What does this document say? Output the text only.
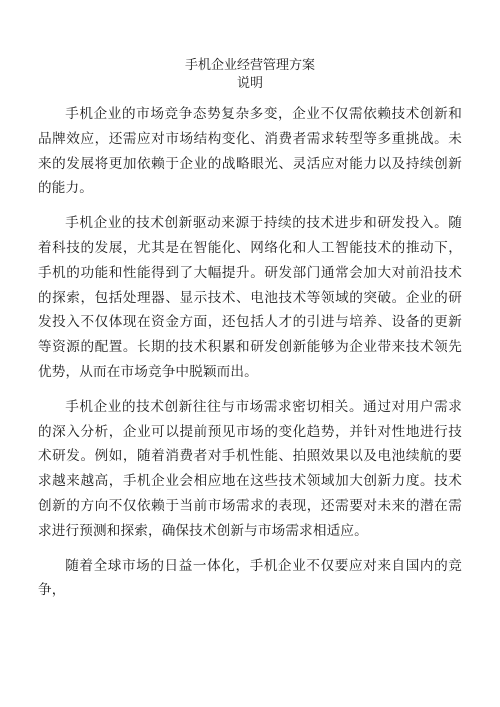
手机企业经营管理方案
说明

手机企业的市场竞争态势复杂多变，企业不仅需依赖技术创新和品牌效应，还需应对市场结构变化、消费者需求转型等多重挑战。未来的发展将更加依赖于企业的战略眼光、灵活应对能力以及持续创新的能力。

手机企业的技术创新驱动来源于持续的技术进步和研发投入。随着科技的发展，尤其是在智能化、网络化和人工智能技术的推动下，手机的功能和性能得到了大幅提升。研发部门通常会加大对前沿技术的探索，包括处理器、显示技术、电池技术等领域的突破。企业的研发投入不仅体现在资金方面，还包括人才的引进与培养、设备的更新等资源的配置。长期的技术积累和研发创新能够为企业带来技术领先优势，从而在市场竞争中脱颖而出。

手机企业的技术创新往往与市场需求密切相关。通过对用户需求的深入分析，企业可以提前预见市场的变化趋势，并针对性地进行技术研发。例如，随着消费者对手机性能、拍照效果以及电池续航的要求越来越高，手机企业会相应地在这些技术领域加大创新力度。技术创新的方向不仅依赖于当前市场需求的表现，还需要对未来的潜在需求进行预测和探索，确保技术创新与市场需求相适应。

随着全球市场的日益一体化，手机企业不仅要应对来自国内的竞争，
